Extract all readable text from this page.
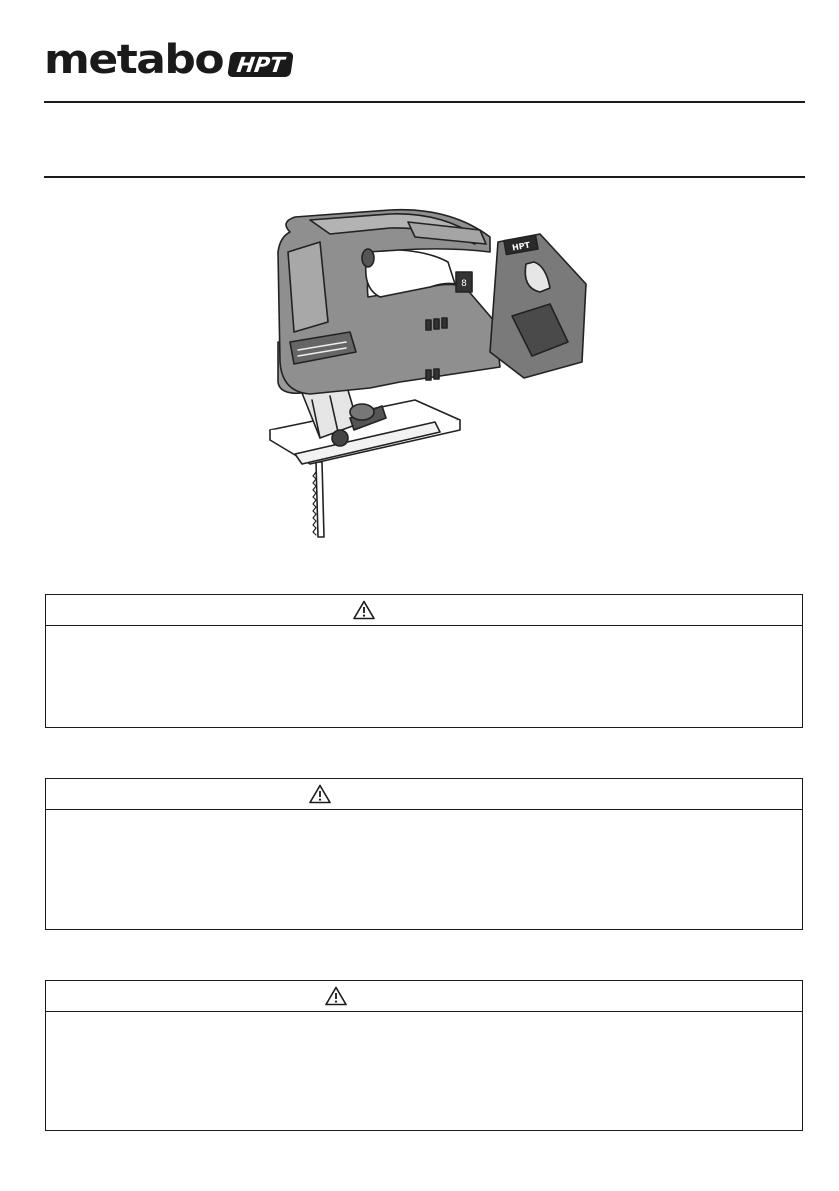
metabo HPT
8
HPT
